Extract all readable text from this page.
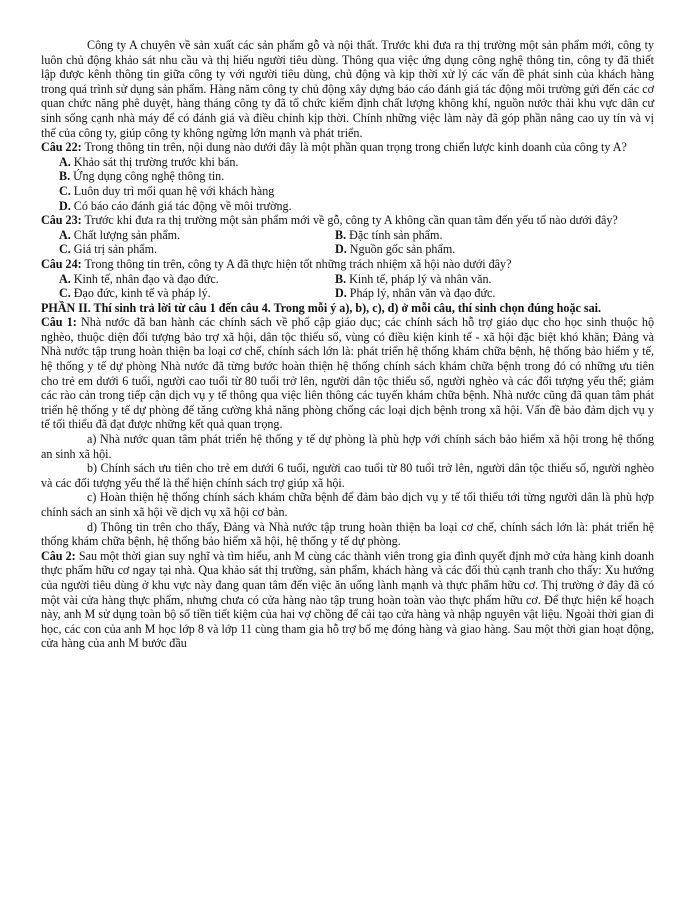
Công ty A chuyên về sản xuất các sản phẩm gỗ và nội thất. Trước khi đưa ra thị trường một sản phẩm mới, công ty luôn chủ động khảo sát nhu cầu và thị hiếu người tiêu dùng. Thông qua việc ứng dụng công nghệ thông tin, công ty đã thiết lập được kênh thông tin giữa công ty với người tiêu dùng, chủ động và kịp thời xử lý các vấn đề phát sinh của khách hàng trong quá trình sử dụng sản phẩm. Hàng năm công ty chủ động xây dựng báo cáo đánh giá tác động môi trường gửi đến các cơ quan chức năng phê duyệt, hàng tháng công ty đã tổ chức kiểm định chất lượng không khí, nguồn nước thải khu vực dân cư sinh sống cạnh nhà máy để có đánh giá và điều chỉnh kịp thời. Chính những việc làm này đã góp phần nâng cao uy tín và vị thế của công ty, giúp công ty không ngừng lớn mạnh và phát triển.

Câu 22: Trong thông tin trên, nội dung nào dưới đây là một phần quan trọng trong chiến lược kinh doanh của công ty A?

A. Khảo sát thị trường trước khi bán.

B. Ứng dụng công nghệ thông tin.

C. Luôn duy trì mối quan hệ với khách hàng

D. Có báo cáo đánh giá tác động về môi trường.

Câu 23: Trước khi đưa ra thị trường một sản phẩm mới về gỗ, công ty A không cần quan tâm đến yếu tố nào dưới đây?

A. Chất lượng sản phẩm.	B. Đặc tính sản phẩm.
C. Giá trị sản phẩm.	D. Nguồn gốc sản phẩm.

Câu 24: Trong thông tin trên, công ty A đã thực hiện tốt những trách nhiệm xã hội nào dưới đây?

A. Kinh tế, nhân đạo và đạo đức.	B. Kinh tế, pháp lý và nhân văn.
C. Đạo đức, kinh tế và pháp lý.	D. Pháp lý, nhân văn và đạo đức.

PHẦN II. Thí sinh trả lời từ câu 1 đến câu 4. Trong mỗi ý a), b), c), d) ở mỗi câu, thí sinh chọn đúng hoặc sai.

Câu 1: Nhà nước đã ban hành các chính sách về phổ cập giáo dục; các chính sách hỗ trợ giáo dục cho học sinh thuộc hộ nghèo, thuộc diện đối tượng bảo trợ xã hội, dân tộc thiểu số, vùng có điều kiện kinh tế - xã hội đặc biệt khó khăn; Đảng và Nhà nước tập trung hoàn thiện ba loại cơ chế, chính sách lớn là: phát triển hệ thống khám chữa bệnh, hệ thống bảo hiểm y tế, hệ thống y tế dự phòng Nhà nước đã từng bước hoàn thiện hệ thống chính sách khám chữa bệnh trong đó có những ưu tiên cho trẻ em dưới 6 tuổi, người cao tuổi từ 80 tuổi trở lên, người dân tộc thiểu số, người nghèo và các đối tượng yếu thế; giảm các rào cản trong tiếp cận dịch vụ y tế thông qua việc liên thông các tuyến khám chữa bệnh. Nhà nước cũng đã quan tâm phát triển hệ thống y tế dự phòng để tăng cường khả năng phòng chống các loại dịch bệnh trong xã hội. Vấn đề bảo đảm dịch vụ y tế tối thiểu đã đạt được những kết quả quan trọng.

a) Nhà nước quan tâm phát triển hệ thống y tế dự phòng là phù hợp với chính sách bảo hiểm xã hội trong hệ thống an sinh xã hội.

b) Chính sách ưu tiên cho trẻ em dưới 6 tuổi, người cao tuổi từ 80 tuổi trở lên, người dân tộc thiểu số, người nghèo và các đối tượng yếu thế là thể hiện chính sách trợ giúp xã hội.

c) Hoàn thiện hệ thống chính sách khám chữa bệnh để đảm bảo dịch vụ y tế tối thiểu tới từng người dân là phù hợp chính sách an sinh xã hội về dịch vụ xã hội cơ bản.

d) Thông tin trên cho thấy, Đảng và Nhà nước tập trung hoàn thiện ba loại cơ chế, chính sách lớn là: phát triển hệ thống khám chữa bệnh, hệ thống bảo hiểm xã hội, hệ thống y tế dự phòng.

Câu 2: Sau một thời gian suy nghĩ và tìm hiểu, anh M cùng các thành viên trong gia đình quyết định mở cửa hàng kinh doanh thực phẩm hữu cơ ngay tại nhà. Qua khảo sát thị trường, sản phẩm, khách hàng và các đối thủ cạnh tranh cho thấy: Xu hướng của người tiêu dùng ở khu vực này đang quan tâm đến việc ăn uống lành mạnh và thực phẩm hữu cơ. Thị trường ở đây đã có một vài cửa hàng thực phẩm, nhưng chưa có cửa hàng nào tập trung hoàn toàn vào thực phẩm hữu cơ. Để thực hiện kế hoạch này, anh M sử dụng toàn bộ số tiền tiết kiệm của hai vợ chồng để cải tạo cửa hàng và nhập nguyên vật liệu. Ngoài thời gian đi học, các con của anh M học lớp 8 và lớp 11 cùng tham gia hỗ trợ bố mẹ đóng hàng và giao hàng. Sau một thời gian hoạt động, cửa hàng của anh M bước đầu
